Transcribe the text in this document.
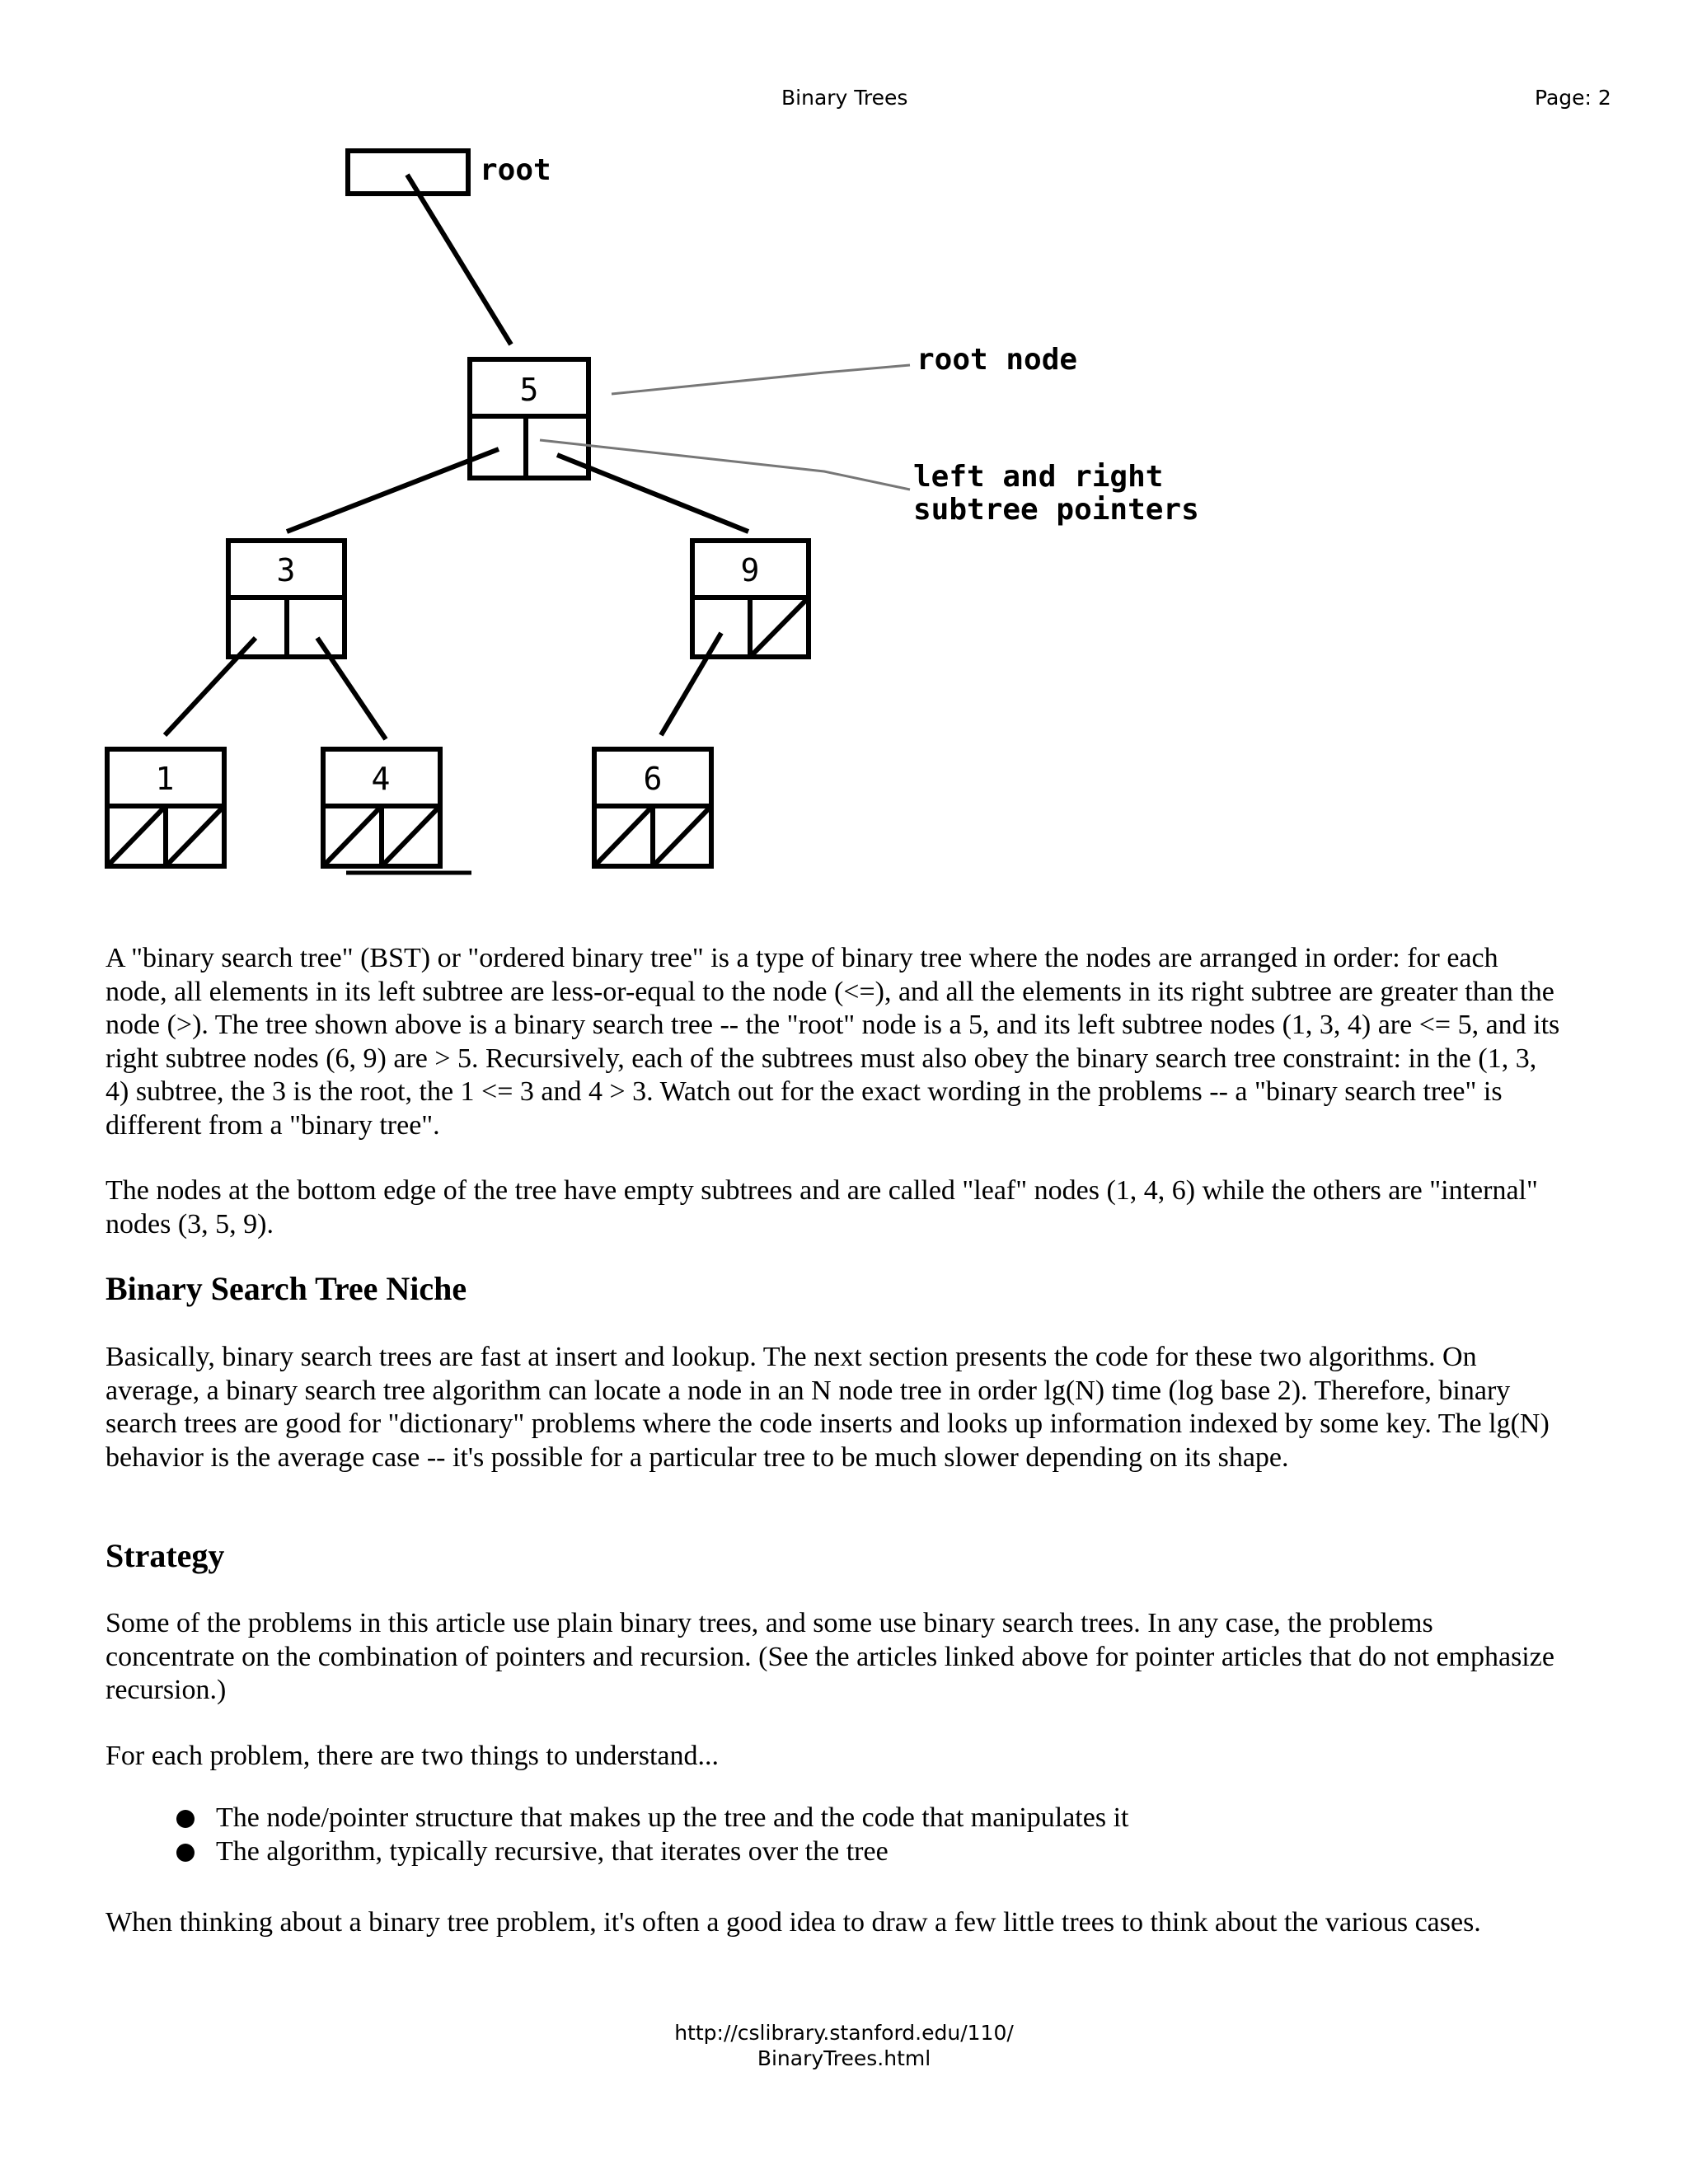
Binary Trees	Page: 2
root
5
root node
left and right
subtree pointers
3	9
1	4	6

A "binary search tree" (BST) or "ordered binary tree" is a type of binary tree where the nodes are arranged in order: for each node, all elements in its left subtree are less-or-equal to the node (<=), and all the elements in its right subtree are greater than the node (>). The tree shown above is a binary search tree -- the "root" node is a 5, and its left subtree nodes (1, 3, 4) are <= 5, and its right subtree nodes (6, 9) are > 5. Recursively, each of the subtrees must also obey the binary search tree constraint: in the (1, 3, 4) subtree, the 3 is the root, the 1 <= 3 and 4 > 3. Watch out for the exact wording in the problems -- a "binary search tree" is different from a "binary tree".

The nodes at the bottom edge of the tree have empty subtrees and are called "leaf" nodes (1, 4, 6) while the others are "internal" nodes (3, 5, 9).

Binary Search Tree Niche

Basically, binary search trees are fast at insert and lookup. The next section presents the code for these two algorithms. On average, a binary search tree algorithm can locate a node in an N node tree in order lg(N) time (log base 2). Therefore, binary search trees are good for "dictionary" problems where the code inserts and looks up information indexed by some key. The lg(N) behavior is the average case -- it's possible for a particular tree to be much slower depending on its shape.

Strategy

Some of the problems in this article use plain binary trees, and some use binary search trees. In any case, the problems concentrate on the combination of pointers and recursion. (See the articles linked above for pointer articles that do not emphasize recursion.)

For each problem, there are two things to understand...

The node/pointer structure that makes up the tree and the code that manipulates it
The algorithm, typically recursive, that iterates over the tree

When thinking about a binary tree problem, it's often a good idea to draw a few little trees to think about the various cases.

http://cslibrary.stanford.edu/110/
BinaryTrees.html
